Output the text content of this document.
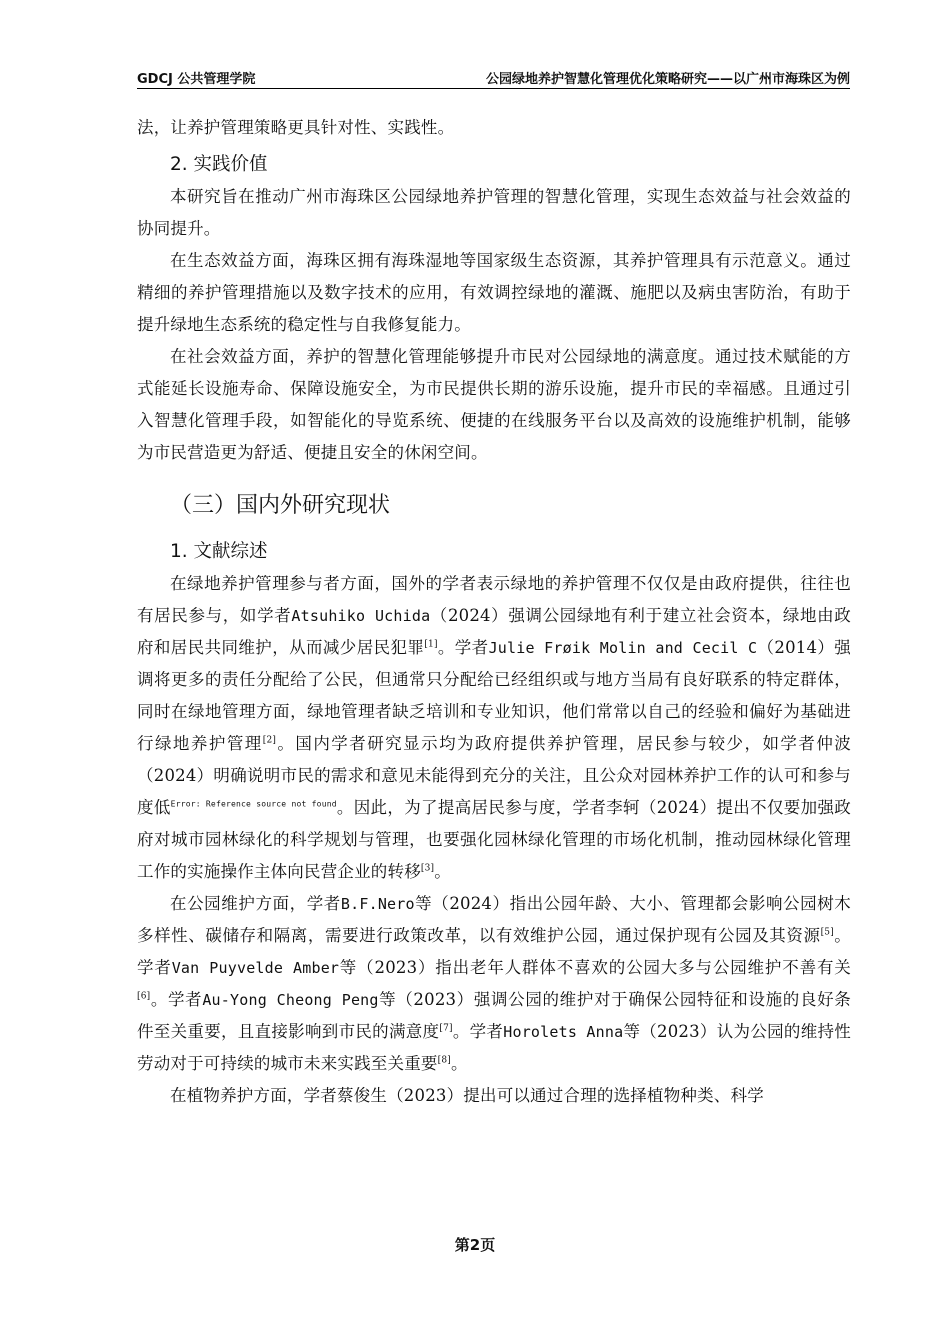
GDCJ 公共管理学院	公园绿地养护智慧化管理优化策略研究——以广州市海珠区为例

法，让养护管理策略更具针对性、实践性。

2. 实践价值

本研究旨在推动广州市海珠区公园绿地养护管理的智慧化管理，实现生态效益与社会效益的协同提升。

在生态效益方面，海珠区拥有海珠湿地等国家级生态资源，其养护管理具有示范意义。通过精细的养护管理措施以及数字技术的应用，有效调控绿地的灌溉、施肥以及病虫害防治，有助于提升绿地生态系统的稳定性与自我修复能力。

在社会效益方面，养护的智慧化管理能够提升市民对公园绿地的满意度。通过技术赋能的方式能延长设施寿命、保障设施安全，为市民提供长期的游乐设施，提升市民的幸福感。且通过引入智慧化管理手段，如智能化的导览系统、便捷的在线服务平台以及高效的设施维护机制，能够为市民营造更为舒适、便捷且安全的休闲空间。

（三）国内外研究现状
1. 文献综述

在绿地养护管理参与者方面，国外的学者表示绿地的养护管理不仅仅是由政府提供，往往也有居民参与，如学者Atsuhiko Uchida（2024）强调公园绿地有利于建立社会资本，绿地由政府和居民共同维护，从而减少居民犯罪[1]。学者Julie Frøik Molin and Cecil C（2014）强调将更多的责任分配给了公民，但通常只分配给已经组织或与地方当局有良好联系的特定群体，同时在绿地管理方面，绿地管理者缺乏培训和专业知识，他们常常以自己的经验和偏好为基础进行绿地养护管理[2]。国内学者研究显示均为政府提供养护管理，居民参与较少，如学者仲波（2024）明确说明市民的需求和意见未能得到充分的关注，且公众对园林养护工作的认可和参与度低$^{Error: Reference source not found}$。因此，为了提高居民参与度，学者李轲（2024）提出不仅要加强政府对城市园林绿化的科学规划与管理，也要强化园林绿化管理的市场化机制，推动园林绿化管理工作的实施操作主体向民营企业的转移[3]。

在公园维护方面，学者B.F.Nero等（2024）指出公园年龄、大小、管理都会影响公园树木多样性、碳储存和隔离，需要进行政策改革，以有效维护公园，通过保护现有公园及其资源[5]。学者Van Puyvelde Amber等（2023）指出老年人群体不喜欢的公园大多与公园维护不善有关[6]。学者Au-Yong Cheong Peng等（2023）强调公园的维护对于确保公园特征和设施的良好条件至关重要，且直接影响到市民的满意度[7]。学者Horolets Anna等（2023）认为公园的维持性劳动对于可持续的城市未来实践至关重要[8]。

在植物养护方面，学者蔡俊生（2023）提出可以通过合理的选择植物种类、科学

第2页
